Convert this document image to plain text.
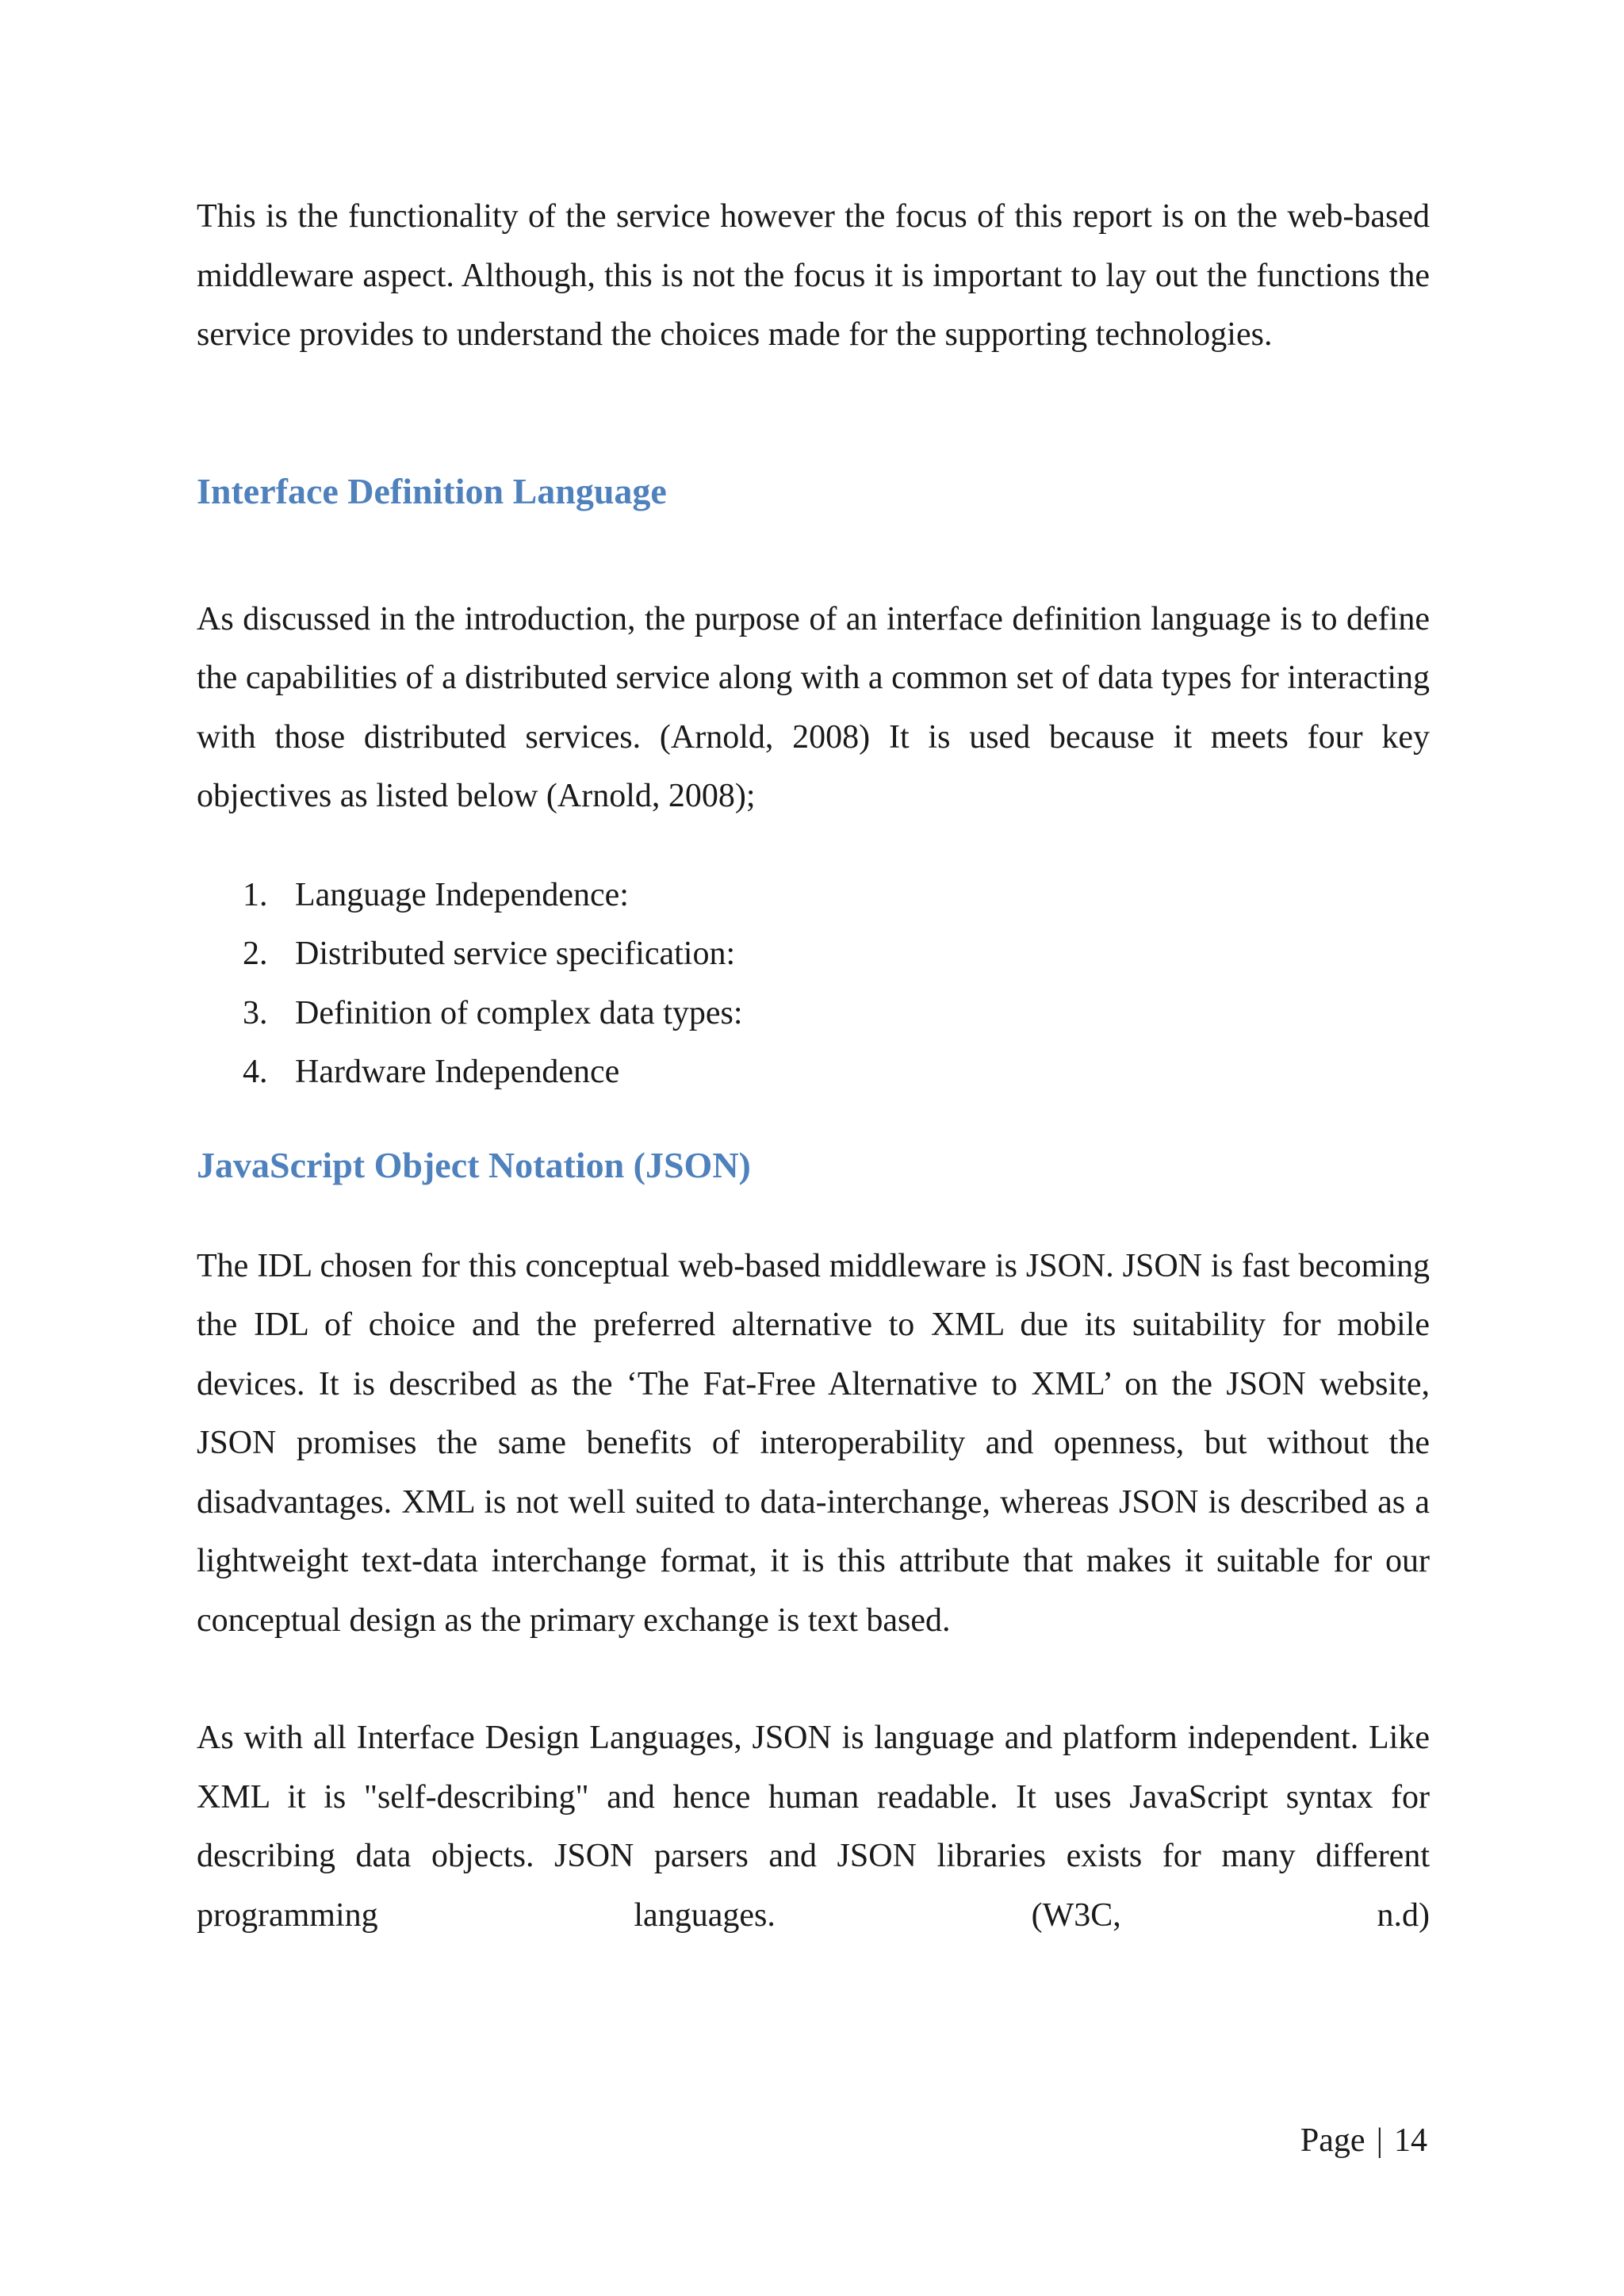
This is the functionality of the service however the focus of this report is on the web-based middleware aspect. Although, this is not the focus it is important to lay out the functions the service provides to understand the choices made for the supporting technologies.

Interface Definition Language

As discussed in the introduction, the purpose of an interface definition language is to define the capabilities of a distributed service along with a common set of data types for interacting with those distributed services. (Arnold, 2008) It is used because it meets four key objectives as listed below (Arnold, 2008);

1. Language Independence:
2. Distributed service specification:
3. Definition of complex data types:
4. Hardware Independence
JavaScript Object Notation (JSON)

The IDL chosen for this conceptual web-based middleware is JSON. JSON is fast becoming the IDL of choice and the preferred alternative to XML due its suitability for mobile devices. It is described as the ‘The Fat-Free Alternative to XML’ on the JSON website, JSON promises the same benefits of interoperability and openness, but without the disadvantages. XML is not well suited to data-interchange, whereas JSON is described as a lightweight text-data interchange format, it is this attribute that makes it suitable for our conceptual design as the primary exchange is text based.

As with all Interface Design Languages, JSON is language and platform independent. Like XML it is "self-describing" and hence human readable. It uses JavaScript syntax for describing data objects. JSON parsers and JSON libraries exists for many different programming languages. (W3C, n.d)

Page | 14
